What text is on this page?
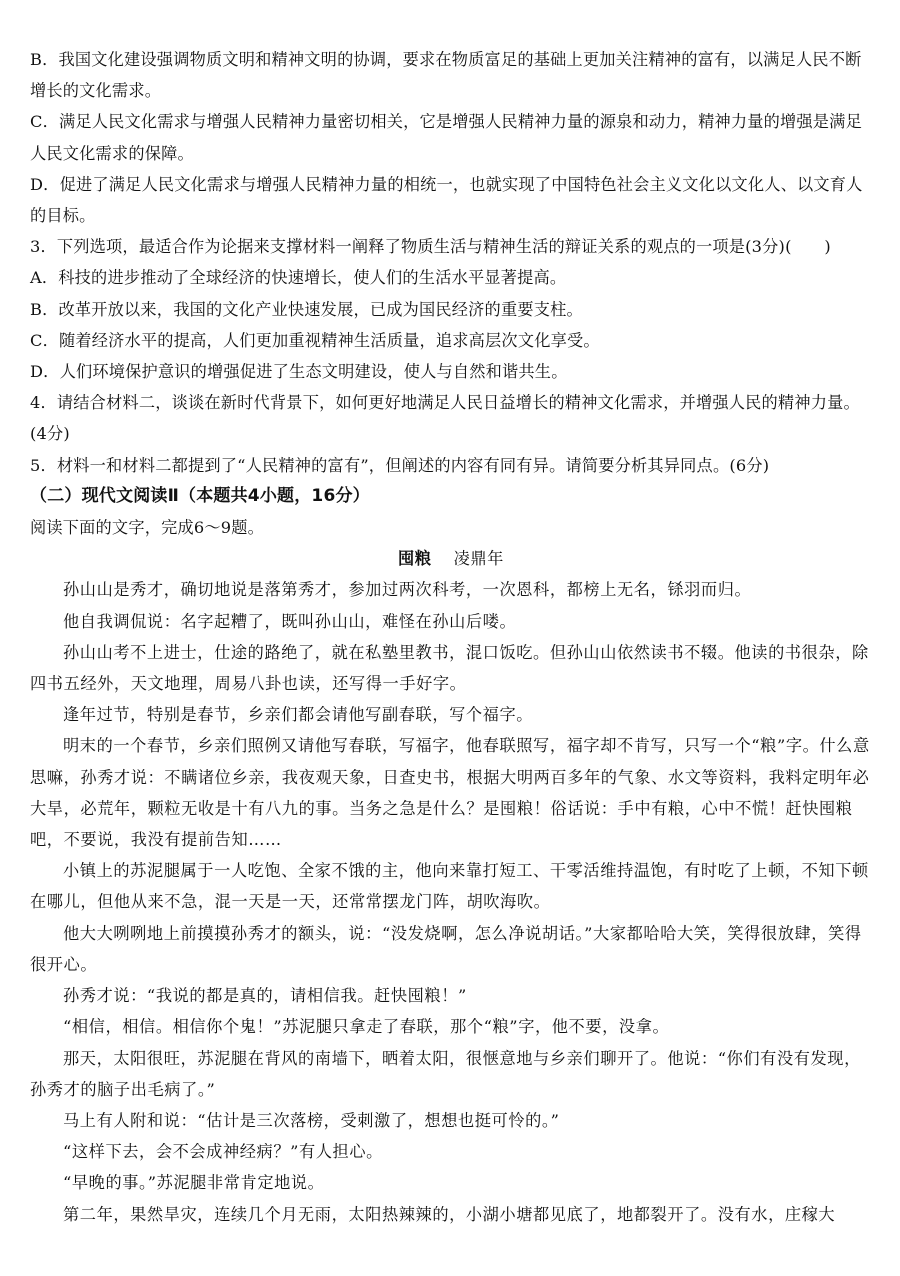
B．我国文化建设强调物质文明和精神文明的协调，要求在物质富足的基础上更加关注精神的富有，以满足人民不断增长的文化需求。

C．满足人民文化需求与增强人民精神力量密切相关，它是增强人民精神力量的源泉和动力，精神力量的增强是满足人民文化需求的保障。

D．促进了满足人民文化需求与增强人民精神力量的相统一，也就实现了中国特色社会主义文化以文化人、以文育人的目标。

3．下列选项，最适合作为论据来支撑材料一阐释了物质生活与精神生活的辩证关系的观点的一项是(3分)(　　)

A．科技的进步推动了全球经济的快速增长，使人们的生活水平显著提高。

B．改革开放以来，我国的文化产业快速发展，已成为国民经济的重要支柱。

C．随着经济水平的提高，人们更加重视精神生活质量，追求高层次文化享受。

D．人们环境保护意识的增强促进了生态文明建设，使人与自然和谐共生。

4．请结合材料二，谈谈在新时代背景下，如何更好地满足人民日益增长的精神文化需求，并增强人民的精神力量。(4分)

5．材料一和材料二都提到了“人民精神的富有”，但阐述的内容有同有异。请简要分析其异同点。(6分)

（二）现代文阅读Ⅱ（本题共4小题，16分）

阅读下面的文字，完成6～9题。

囤粮 凌鼎年

孙山山是秀才，确切地说是落第秀才，参加过两次科考，一次恩科，都榜上无名，铩羽而归。

他自我调侃说：名字起糟了，既叫孙山山，难怪在孙山后喽。

孙山山考不上进士，仕途的路绝了，就在私塾里教书，混口饭吃。但孙山山依然读书不辍。他读的书很杂，除四书五经外，天文地理，周易八卦也读，还写得一手好字。

逢年过节，特别是春节，乡亲们都会请他写副春联，写个福字。

明末的一个春节，乡亲们照例又请他写春联，写福字，他春联照写，福字却不肯写，只写一个“粮”字。什么意思嘛，孙秀才说：不瞒诸位乡亲，我夜观天象，日查史书，根据大明两百多年的气象、水文等资料，我料定明年必大旱，必荒年，颗粒无收是十有八九的事。当务之急是什么？是囤粮！俗话说：手中有粮，心中不慌！赶快囤粮吧，不要说，我没有提前告知……

小镇上的苏泥腿属于一人吃饱、全家不饿的主，他向来靠打短工、干零活维持温饱，有时吃了上顿，不知下顿在哪儿，但他从来不急，混一天是一天，还常常摆龙门阵，胡吹海吹。

他大大咧咧地上前摸摸孙秀才的额头，说：“没发烧啊，怎么净说胡话。”大家都哈哈大笑，笑得很放肆，笑得很开心。

孙秀才说：“我说的都是真的，请相信我。赶快囤粮！”

“相信，相信。相信你个鬼！”苏泥腿只拿走了春联，那个“粮”字，他不要，没拿。

那天，太阳很旺，苏泥腿在背风的南墙下，晒着太阳，很惬意地与乡亲们聊开了。他说：“你们有没有发现，孙秀才的脑子出毛病了。”

马上有人附和说：“估计是三次落榜，受刺激了，想想也挺可怜的。”

“这样下去，会不会成神经病？”有人担心。

“早晚的事。”苏泥腿非常肯定地说。

第二年，果然旱灾，连续几个月无雨，太阳热辣辣的，小湖小塘都见底了，地都裂开了。没有水，庄稼大
